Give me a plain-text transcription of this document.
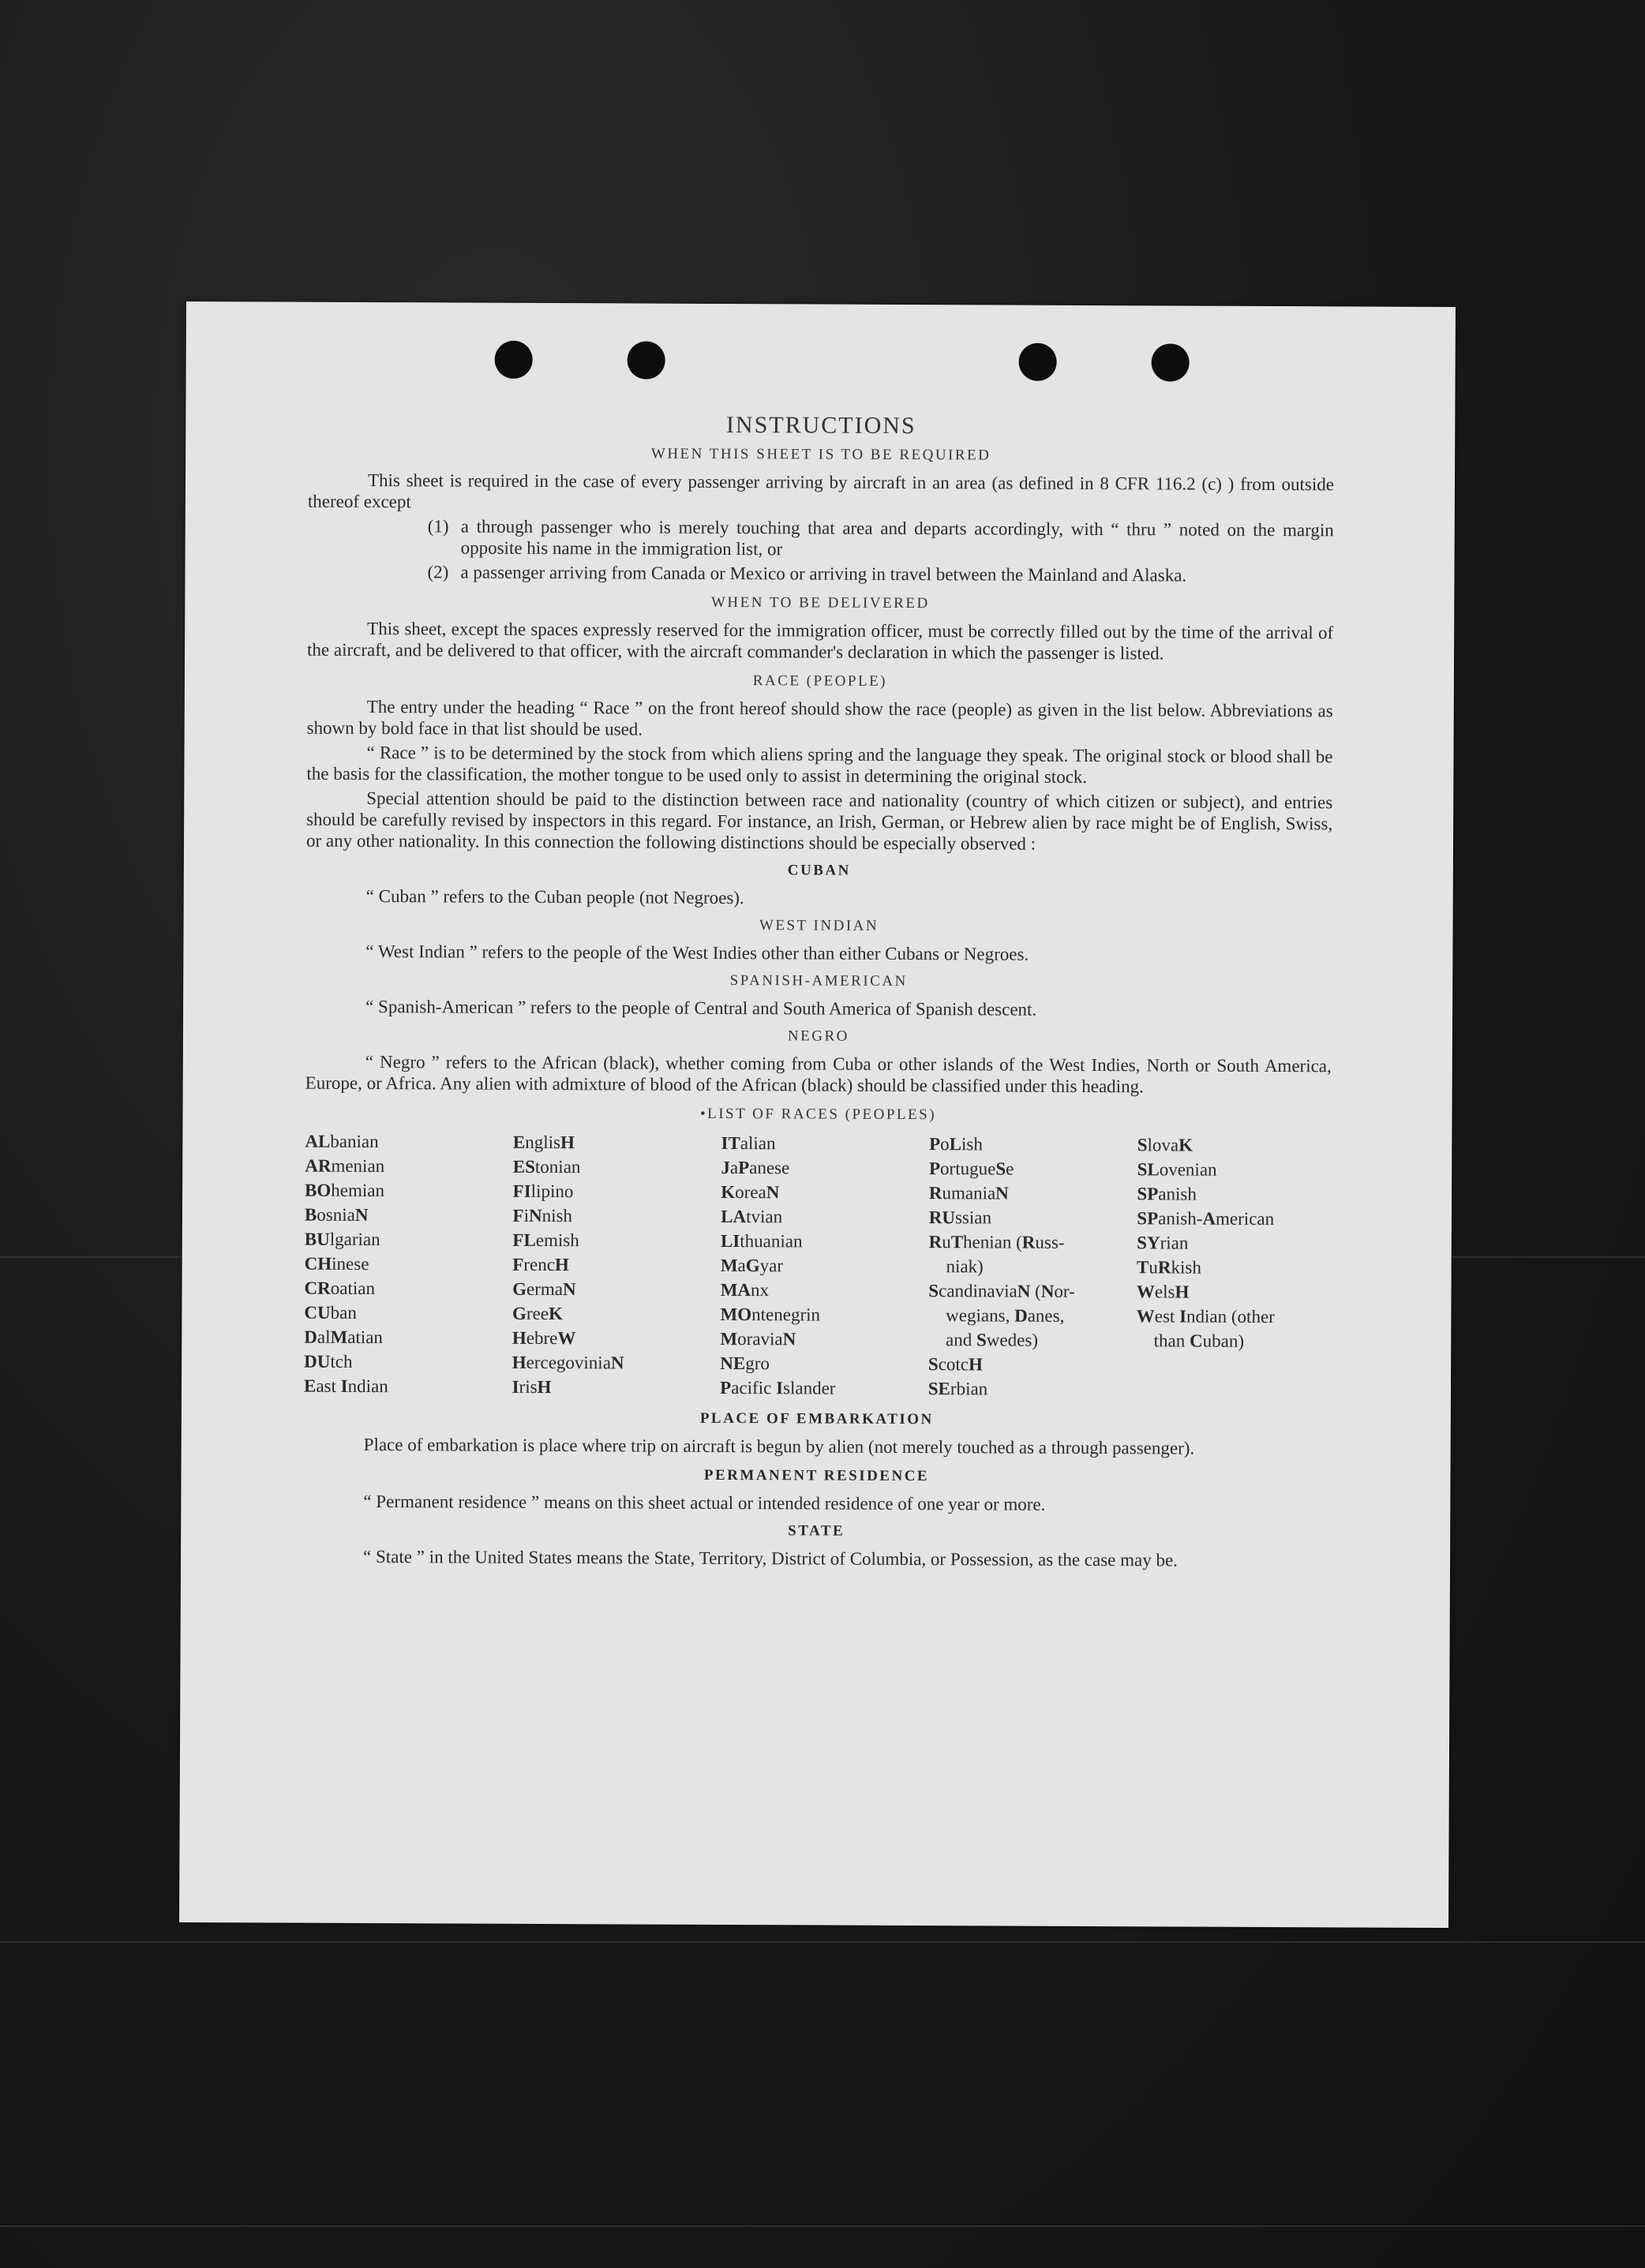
INSTRUCTIONS
WHEN THIS SHEET IS TO BE REQUIRED

This sheet is required in the case of every passenger arriving by aircraft in an area (as defined in 8 CFR 116.2 (c) ) from outside thereof except

(1) a through passenger who is merely touching that area and departs accordingly, with “ thru ” noted on the margin opposite his name in the immigration list, or
(2) a passenger arriving from Canada or Mexico or arriving in travel between the Mainland and Alaska.
WHEN TO BE DELIVERED

This sheet, except the spaces expressly reserved for the immigration officer, must be correctly filled out by the time of the arrival of the aircraft, and be delivered to that officer, with the aircraft commander's declaration in which the passenger is listed.

RACE (PEOPLE)

The entry under the heading “ Race ” on the front hereof should show the race (people) as given in the list below. Abbreviations as shown by bold face in that list should be used.

“ Race ” is to be determined by the stock from which aliens spring and the language they speak. The original stock or blood shall be the basis for the classification, the mother tongue to be used only to assist in determining the original stock.

Special attention should be paid to the distinction between race and nationality (country of which citizen or subject), and entries should be carefully revised by inspectors in this regard. For instance, an Irish, German, or Hebrew alien by race might be of English, Swiss, or any other nationality. In this connection the following distinctions should be especially observed :

CUBAN

“ Cuban ” refers to the Cuban people (not Negroes).

WEST INDIAN

“ West Indian ” refers to the people of the West Indies other than either Cubans or Negroes.

SPANISH-AMERICAN

“ Spanish-American ” refers to the people of Central and South America of Spanish descent.

NEGRO

“ Negro ” refers to the African (black), whether coming from Cuba or other islands of the West Indies, North or South America, Europe, or Africa. Any alien with admixture of blood of the African (black) should be classified under this heading.

•LIST OF RACES (PEOPLES)
ALbanian
ARmenian
BOhemian
BosniaN
BUlgarian
CHinese
CRoatian
CUban
DalMatian
DUtch
East Indian
EnglisH
EStonian
FIlipino
FiNnish
FLemish
FrencH
GermaN
GreeK
HebreW
HercegoviniaN
IrisH
ITalian
JaPanese
KoreaN
LAtvian
LIthuanian
MaGyar
MAnx
MOntenegrin
MoraviaN
NEgro
Pacific Islander
PoLish
PortugueSe
RumaniaN
RUssian
RuThenian (Russ-
niak)
ScandinaviaN (Nor-
wegians, Danes,
and Swedes)
ScotcH
SErbian
SlovaK
SLovenian
SPanish
SPanish-American
SYrian
TuRkish
WelsH
West Indian (other
than Cuban)
PLACE OF EMBARKATION

Place of embarkation is place where trip on aircraft is begun by alien (not merely touched as a through passenger).

PERMANENT RESIDENCE

“ Permanent residence ” means on this sheet actual or intended residence of one year or more.

STATE

“ State ” in the United States means the State, Territory, District of Columbia, or Possession, as the case may be.
